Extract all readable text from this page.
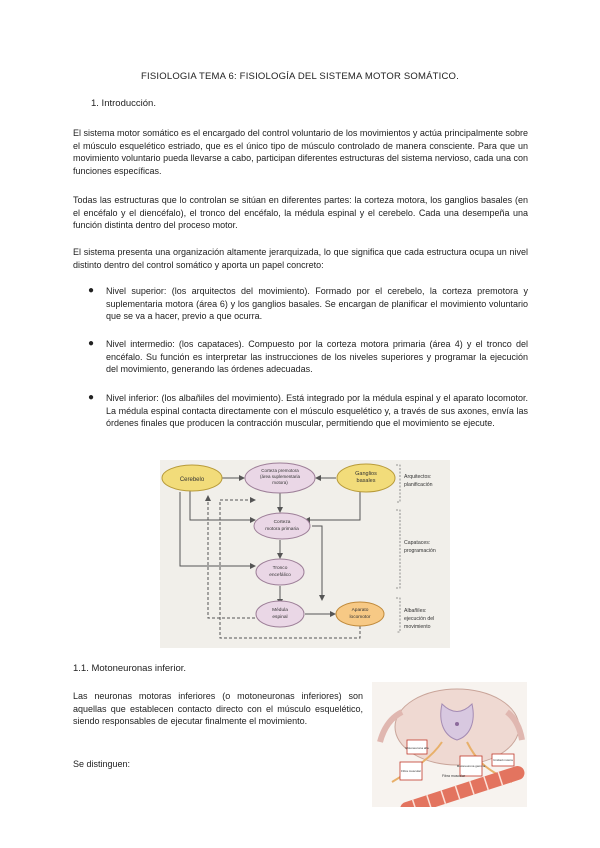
FISIOLOGIA TEMA 6: FISIOLOGÍA DEL SISTEMA MOTOR SOMÁTICO.
1. Introducción.
El sistema motor somático es el encargado del control voluntario de los movimientos y actúa principalmente sobre el músculo esquelético estriado, que es el único tipo de músculo controlado de manera consciente. Para que un movimiento voluntario pueda llevarse a cabo, participan diferentes estructuras del sistema nervioso, cada una con funciones específicas.
Todas las estructuras que lo controlan se sitúan en diferentes partes: la corteza motora, los ganglios basales (en el encéfalo y el diencéfalo), el tronco del encéfalo, la médula espinal y el cerebelo. Cada una desempeña una función distinta dentro del proceso motor.
El sistema presenta una organización altamente jerarquizada, lo que significa que cada estructura ocupa un nivel distinto dentro del control somático y aporta un papel concreto:
● Nivel superior: (los arquitectos del movimiento). Formado por el cerebelo, la corteza premotora y suplementaria motora (área 6) y los ganglios basales. Se encargan de planificar el movimiento voluntario que se va a hacer, previo a que ocurra.
● Nivel intermedio: (los capataces). Compuesto por la corteza motora primaria (área 4) y el tronco del encéfalo. Su función es interpretar las instrucciones de los niveles superiores y programar la ejecución del movimiento, generando las órdenes adecuadas.
● Nivel inferior: (los albañiles del movimiento). Está integrado por la médula espinal y el aparato locomotor. La médula espinal contacta directamente con el músculo esquelético y, a través de sus axones, envía las órdenes finales que producen la contracción muscular, permitiendo que el movimiento se ejecute.
Cerebelo
Corteza premotora
(área suplementaria
motora)
Ganglios
basales
Corteza
motora primaria
Tronco
encefálico
Médula
espinal
Aparato
locomotor
Arquitectos:
planificación
Capataces:
programación
Albañiles:
ejecución del
movimiento
1.1. Motoneuronas inferior.
Las neuronas motoras inferiores (o motoneuronas inferiores) son aquellas que establecen contacto directo con el músculo esquelético, siendo responsables de ejecutar finalmente el movimiento.
Se distinguen:
Motoneurona alfa
Fibra muscular
Motoneurona gamma
Unidad motora
Fibra muscular
